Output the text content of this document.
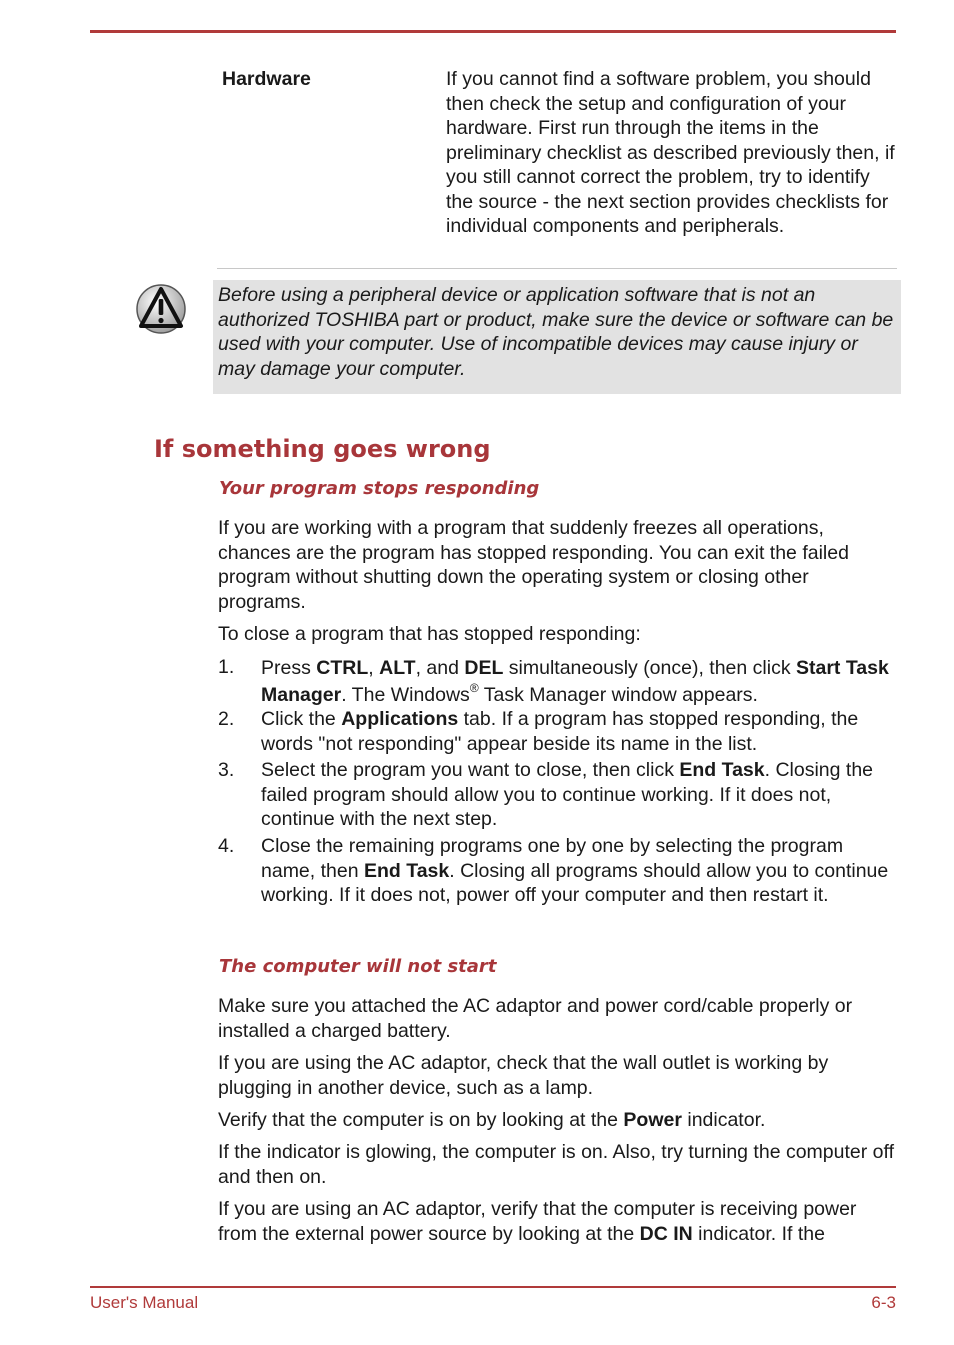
Hardware	If you cannot find a software problem, you should then check the setup and configuration of your hardware. First run through the items in the preliminary checklist as described previously then, if you still cannot correct the problem, try to identify the source - the next section provides checklists for individual components and peripherals.
Before using a peripheral device or application software that is not an authorized TOSHIBA part or product, make sure the device or software can be used with your computer. Use of incompatible devices may cause injury or may damage your computer.
If something goes wrong
Your program stops responding
If you are working with a program that suddenly freezes all operations, chances are the program has stopped responding. You can exit the failed program without shutting down the operating system or closing other programs.
To close a program that has stopped responding:
1. Press CTRL, ALT, and DEL simultaneously (once), then click Start Task Manager. The Windows® Task Manager window appears.
2. Click the Applications tab. If a program has stopped responding, the words "not responding" appear beside its name in the list.
3. Select the program you want to close, then click End Task. Closing the failed program should allow you to continue working. If it does not, continue with the next step.
4. Close the remaining programs one by one by selecting the program name, then End Task. Closing all programs should allow you to continue working. If it does not, power off your computer and then restart it.
The computer will not start
Make sure you attached the AC adaptor and power cord/cable properly or installed a charged battery.
If you are using the AC adaptor, check that the wall outlet is working by plugging in another device, such as a lamp.
Verify that the computer is on by looking at the Power indicator.
If the indicator is glowing, the computer is on. Also, try turning the computer off and then on.
If you are using an AC adaptor, verify that the computer is receiving power from the external power source by looking at the DC IN indicator. If the
User's Manual	6-3
